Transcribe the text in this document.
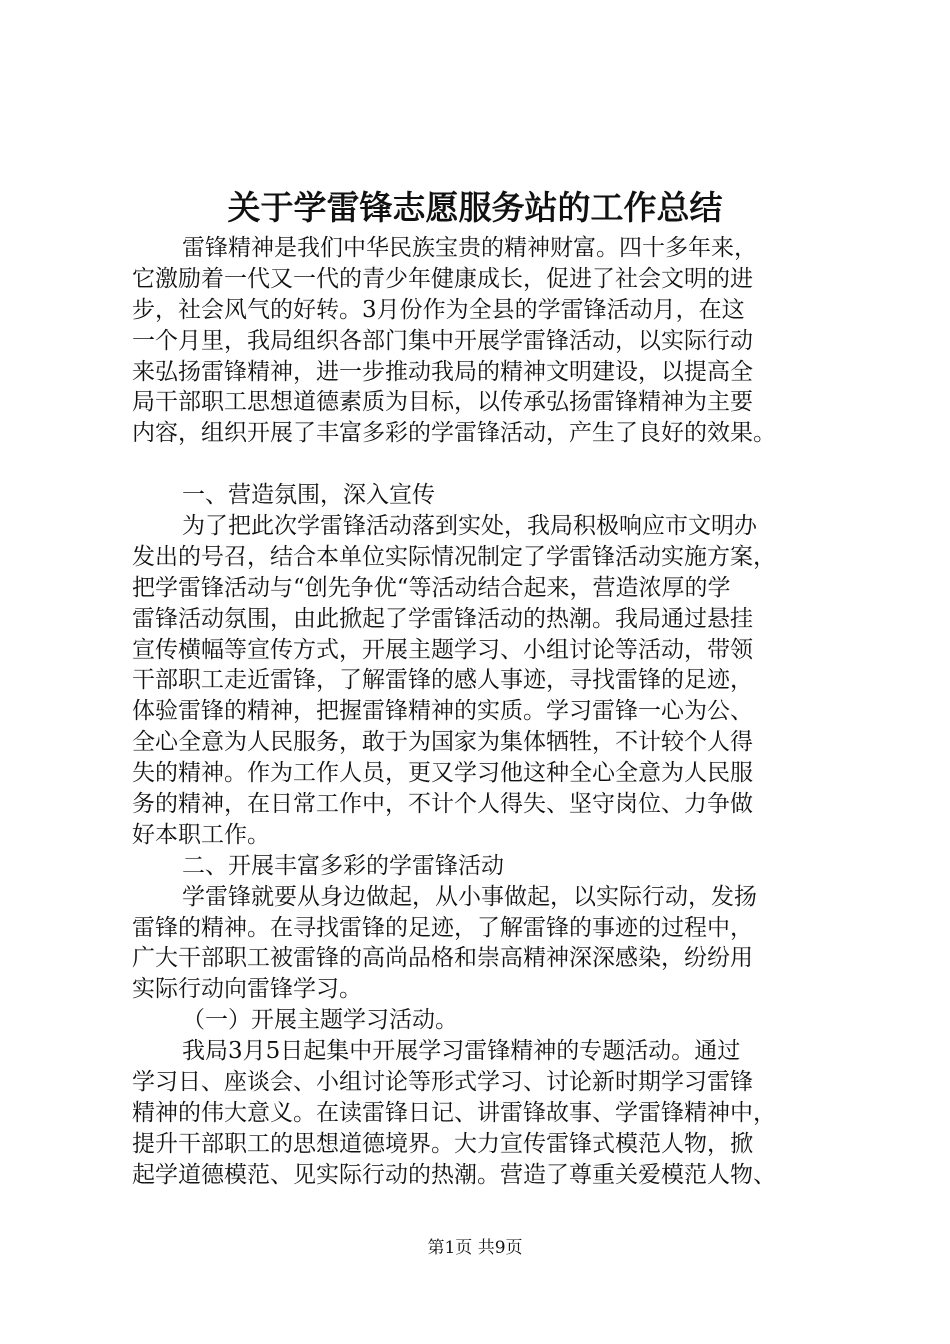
关于学雷锋志愿服务站的工作总结
雷锋精神是我们中华民族宝贵的精神财富。四十多年来，
它激励着一代又一代的青少年健康成长，促进了社会文明的进
步，社会风气的好转。3月份作为全县的学雷锋活动月，在这
一个月里，我局组织各部门集中开展学雷锋活动，以实际行动
来弘扬雷锋精神，进一步推动我局的精神文明建设，以提高全
局干部职工思想道德素质为目标，以传承弘扬雷锋精神为主要
内容，组织开展了丰富多彩的学雷锋活动，产生了良好的效果。
一、营造氛围，深入宣传
为了把此次学雷锋活动落到实处，我局积极响应市文明办
发出的号召，结合本单位实际情况制定了学雷锋活动实施方案，
把学雷锋活动与“创先争优“等活动结合起来，营造浓厚的学
雷锋活动氛围，由此掀起了学雷锋活动的热潮。我局通过悬挂
宣传横幅等宣传方式，开展主题学习、小组讨论等活动，带领
干部职工走近雷锋，了解雷锋的感人事迹，寻找雷锋的足迹，
体验雷锋的精神，把握雷锋精神的实质。学习雷锋一心为公、
全心全意为人民服务，敢于为国家为集体牺牲，不计较个人得
失的精神。作为工作人员，更又学习他这种全心全意为人民服
务的精神，在日常工作中，不计个人得失、坚守岗位、力争做
好本职工作。
二、开展丰富多彩的学雷锋活动
学雷锋就要从身边做起，从小事做起，以实际行动，发扬
雷锋的精神。在寻找雷锋的足迹，了解雷锋的事迹的过程中，
广大干部职工被雷锋的高尚品格和崇高精神深深感染，纷纷用
实际行动向雷锋学习。
（一）开展主题学习活动。
我局3月5日起集中开展学习雷锋精神的专题活动。通过
学习日、座谈会、小组讨论等形式学习、讨论新时期学习雷锋
精神的伟大意义。在读雷锋日记、讲雷锋故事、学雷锋精神中，
提升干部职工的思想道德境界。大力宣传雷锋式模范人物，掀
起学道德模范、见实际行动的热潮。营造了尊重关爱模范人物、
第1页 共9页
